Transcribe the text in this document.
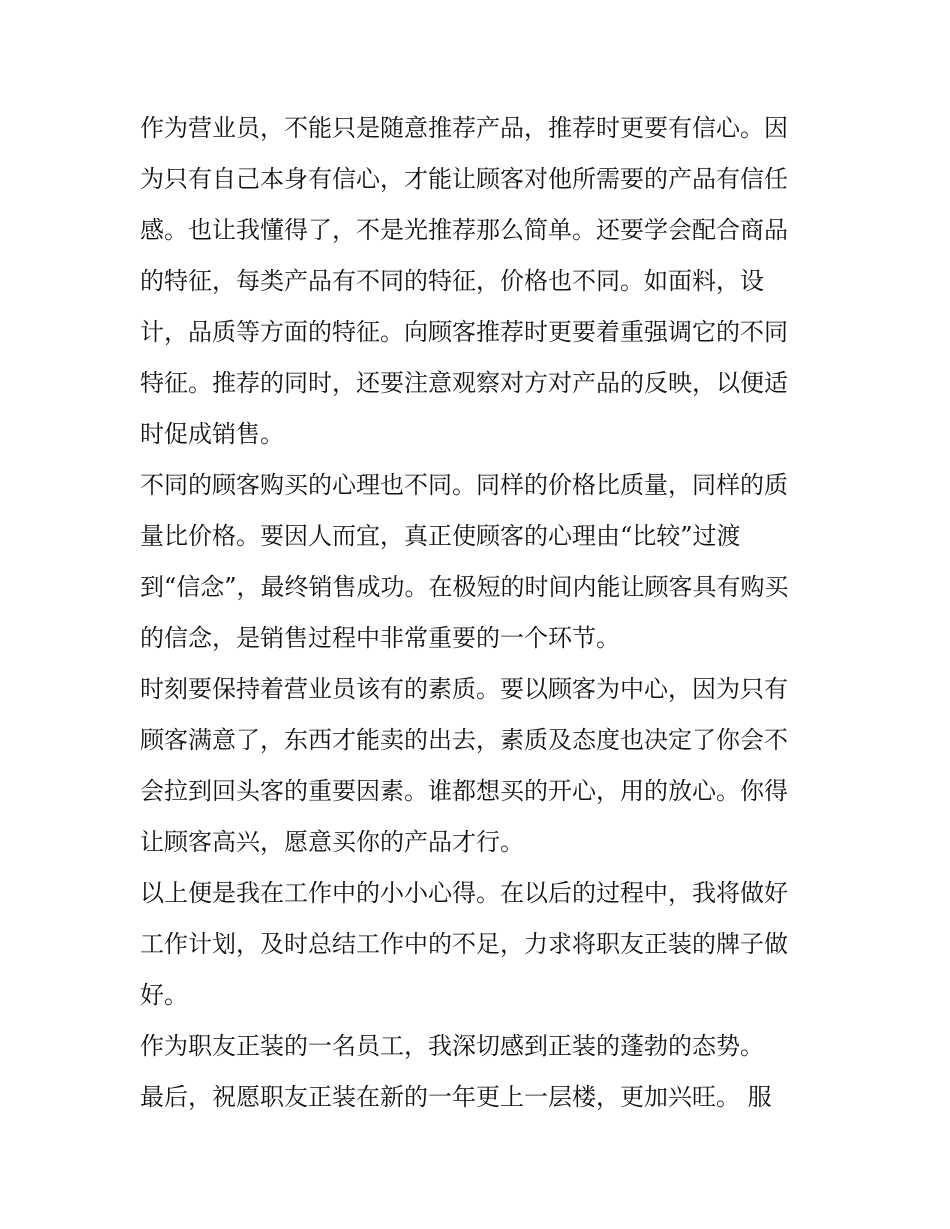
作为营业员，不能只是随意推荐产品，推荐时更要有信心。因
为只有自己本身有信心，才能让顾客对他所需要的产品有信任
感。也让我懂得了，不是光推荐那么简单。还要学会配合商品
的特征，每类产品有不同的特征，价格也不同。如面料，设
计，品质等方面的特征。向顾客推荐时更要着重强调它的不同
特征。推荐的同时，还要注意观察对方对产品的反映，以便适
时促成销售。
不同的顾客购买的心理也不同。同样的价格比质量，同样的质
量比价格。要因人而宜，真正使顾客的心理由“比较”过渡
到“信念”，最终销售成功。在极短的时间内能让顾客具有购买
的信念，是销售过程中非常重要的一个环节。
时刻要保持着营业员该有的素质。要以顾客为中心，因为只有
顾客满意了，东西才能卖的出去，素质及态度也决定了你会不
会拉到回头客的重要因素。谁都想买的开心，用的放心。你得
让顾客高兴，愿意买你的产品才行。
以上便是我在工作中的小小心得。在以后的过程中，我将做好
工作计划，及时总结工作中的不足，力求将职友正装的牌子做
好。
作为职友正装的一名员工，我深切感到正装的蓬勃的态势。
最后，祝愿职友正装在新的一年更上一层楼，更加兴旺。 服
